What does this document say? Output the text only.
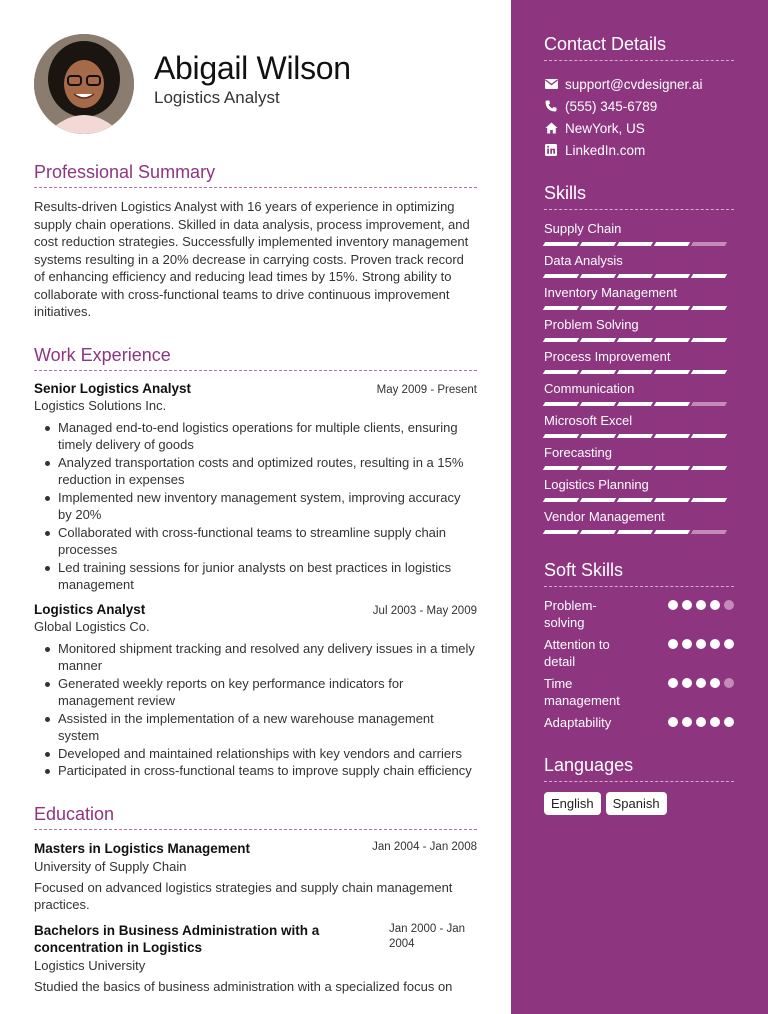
Abigail Wilson
Logistics Analyst
Professional Summary
Results-driven Logistics Analyst with 16 years of experience in optimizing supply chain operations. Skilled in data analysis, process improvement, and cost reduction strategies. Successfully implemented inventory management systems resulting in a 20% decrease in carrying costs. Proven track record of enhancing efficiency and reducing lead times by 15%. Strong ability to collaborate with cross-functional teams to drive continuous improvement initiatives.
Work Experience
Senior Logistics Analyst	May 2009 - Present
Logistics Solutions Inc.
Managed end-to-end logistics operations for multiple clients, ensuring timely delivery of goods
Analyzed transportation costs and optimized routes, resulting in a 15% reduction in expenses
Implemented new inventory management system, improving accuracy by 20%
Collaborated with cross-functional teams to streamline supply chain processes
Led training sessions for junior analysts on best practices in logistics management
Logistics Analyst	Jul 2003 - May 2009
Global Logistics Co.
Monitored shipment tracking and resolved any delivery issues in a timely manner
Generated weekly reports on key performance indicators for management review
Assisted in the implementation of a new warehouse management system
Developed and maintained relationships with key vendors and carriers
Participated in cross-functional teams to improve supply chain efficiency
Education
Masters in Logistics Management	Jan 2004 - Jan 2008
University of Supply Chain
Focused on advanced logistics strategies and supply chain management practices.
Bachelors in Business Administration with a concentration in Logistics
Jan 2000 - Jan 2004
Logistics University
Studied the basics of business administration with a specialized focus on
Contact Details
support@cvdesigner.ai
(555) 345-6789
NewYork, US
LinkedIn.com
Skills
Supply Chain
Data Analysis
Inventory Management
Problem Solving
Process Improvement
Communication
Microsoft Excel
Forecasting
Logistics Planning
Vendor Management
Soft Skills
Problem-solving
Attention to detail
Time management
Adaptability
Languages
English	Spanish
